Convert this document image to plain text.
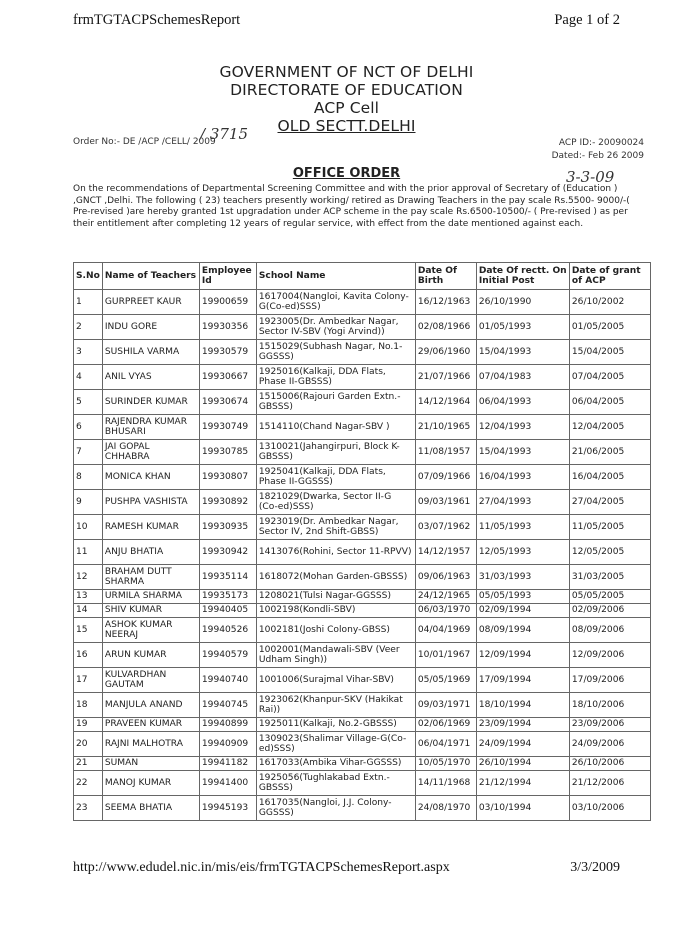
frmTGTACPSchemesReport	Page 1 of 2
GOVERNMENT OF NCT OF DELHI
DIRECTORATE OF EDUCATION
ACP Cell
OLD SECTT.DELHI
Order No:- DE /ACP /CELL/ 2009
/ 3715	ACP ID:- 20090024
Dated:- Feb 26 2009
3-3-09
OFFICE ORDER
On the recommendations of Departmental Screening Committee and with the prior approval of Secretary of (Education ) ,GNCT ,Delhi. The following ( 23) teachers presently working/ retired as Drawing Teachers in the pay scale Rs.5500- 9000/-( Pre-revised )are hereby granted 1st upgradation under ACP scheme in the pay scale Rs.6500-10500/- ( Pre-revised ) as per their entitlement after completing 12 years of regular service, with effect from the date mentioned against each.
S.No	Name of Teachers	Employee Id	School Name	Date Of Birth	Date Of rectt. On Initial Post	Date of grant of ACP
1	GURPREET KAUR	19900659	1617004(Nangloi, Kavita Colony-G(Co-ed)SSS)	16/12/1963	26/10/1990	26/10/2002
2	INDU GORE	19930356	1923005(Dr. Ambedkar Nagar, Sector IV-SBV (Yogi Arvind))	02/08/1966	01/05/1993	01/05/2005
3	SUSHILA VARMA	19930579	1515029(Subhash Nagar, No.1-GGSSS)	29/06/1960	15/04/1993	15/04/2005
4	ANIL VYAS	19930667	1925016(Kalkaji, DDA Flats, Phase II-GBSSS)	21/07/1966	07/04/1983	07/04/2005
5	SURINDER KUMAR	19930674	1515006(Rajouri Garden Extn.-GBSSS)	14/12/1964	06/04/1993	06/04/2005
6	RAJENDRA KUMAR BHUSARI	19930749	1514110(Chand Nagar-SBV )	21/10/1965	12/04/1993	12/04/2005
7	JAI GOPAL CHHABRA	19930785	1310021(Jahangirpuri, Block K-GBSSS)	11/08/1957	15/04/1993	21/06/2005
8	MONICA KHAN	19930807	1925041(Kalkaji, DDA Flats, Phase II-GGSSS)	07/09/1966	16/04/1993	16/04/2005
9	PUSHPA VASHISTA	19930892	1821029(Dwarka, Sector II-G (Co-ed)SSS)	09/03/1961	27/04/1993	27/04/2005
10	RAMESH KUMAR	19930935	1923019(Dr. Ambedkar Nagar, Sector IV, 2nd Shift-GBSS)	03/07/1962	11/05/1993	11/05/2005
11	ANJU BHATIA	19930942	1413076(Rohini, Sector 11-RPVV)	14/12/1957	12/05/1993	12/05/2005
12	BRAHAM DUTT SHARMA	19935114	1618072(Mohan Garden-GBSSS)	09/06/1963	31/03/1993	31/03/2005
13	URMILA SHARMA	19935173	1208021(Tulsi Nagar-GGSSS)	24/12/1965	05/05/1993	05/05/2005
14	SHIV KUMAR	19940405	1002198(Kondli-SBV)	06/03/1970	02/09/1994	02/09/2006
15	ASHOK KUMAR NEERAJ	19940526	1002181(Joshi Colony-GBSS)	04/04/1969	08/09/1994	08/09/2006
16	ARUN KUMAR	19940579	1002001(Mandawali-SBV (Veer Udham Singh))	10/01/1967	12/09/1994	12/09/2006
17	KULVARDHAN GAUTAM	19940740	1001006(Surajmal Vihar-SBV)	05/05/1969	17/09/1994	17/09/2006
18	MANJULA ANAND	19940745	1923062(Khanpur-SKV (Hakikat Rai))	09/03/1971	18/10/1994	18/10/2006
19	PRAVEEN KUMAR	19940899	1925011(Kalkaji, No.2-GBSSS)	02/06/1969	23/09/1994	23/09/2006
20	RAJNI MALHOTRA	19940909	1309023(Shalimar Village-G(Co-ed)SSS)	06/04/1971	24/09/1994	24/09/2006
21	SUMAN	19941182	1617033(Ambika Vihar-GGSSS)	10/05/1970	26/10/1994	26/10/2006
22	MANOJ KUMAR	19941400	1925056(Tughlakabad Extn.-GBSSS)	14/11/1968	21/12/1994	21/12/2006
23	SEEMA BHATIA	19945193	1617035(Nangloi, J.J. Colony-GGSSS)	24/08/1970	03/10/1994	03/10/2006
http://www.edudel.nic.in/mis/eis/frmTGTACPSchemesReport.aspx	3/3/2009
